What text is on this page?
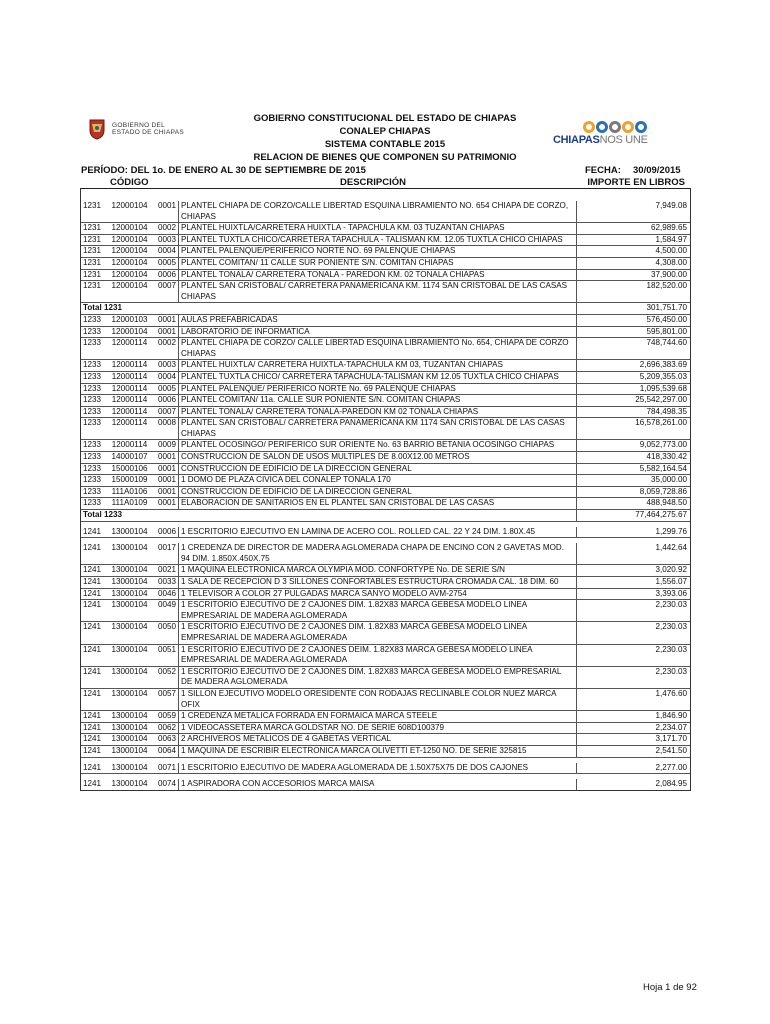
GOBIERNO DEL
ESTADO DE CHIAPAS
CHIAPASNOS UNE
GOBIERNO CONSTITUCIONAL DEL ESTADO DE CHIAPAS
CONALEP CHIAPAS
SISTEMA CONTABLE 2015
RELACION DE BIENES QUE COMPONEN SU PATRIMONIO
PERÍODO: DEL 1o. DE ENERO AL 30 DE SEPTIEMBRE DE 2015	FECHA: 30/09/2015
CÓDIGO	DESCRIPCIÓN	IMPORTE EN LIBROS
1231 12000104 0001 PLANTEL CHIAPA DE CORZO/CALLE LIBERTAD ESQUINA LIBRAMIENTO NO. 654 CHIAPA DE CORZO, CHIAPAS
7,949.08
1231 12000104 0002 PLANTEL HUIXTLA/CARRETERA HUIXTLA - TAPACHULA KM. 03 TUZANTAN CHIAPAS	62,989.65
1231 12000104 0003 PLANTEL TUXTLA CHICO/CARRETERA TAPACHULA - TALISMAN KM. 12.05 TUXTLA CHICO CHIAPAS	1,584.97
1231 12000104 0004 PLANTEL PALENQUE/PERIFERICO NORTE NO. 69 PALENQUE CHIAPAS	4,500.00
1231 12000104 0005 PLANTEL COMITAN/ 11 CALLE SUR PONIENTE S/N. COMITAN CHIAPAS	4,308.00
1231 12000104 0006 PLANTEL TONALA/ CARRETERA TONALA - PAREDON KM. 02 TONALA CHIAPAS	37,900.00
1231 12000104 0007 PLANTEL SAN CRISTOBAL/ CARRETERA PANAMERICANA KM. 1174 SAN CRISTOBAL DE LAS CASAS CHIAPAS
182,520.00
Total 1231	301,751.70
1233 12000103 0001 AULAS PREFABRICADAS	576,450.00
1233 12000104 0001 LABORATORIO DE INFORMATICA	595,801.00
1233 12000114 0002 PLANTEL CHIAPA DE CORZO/ CALLE LIBERTAD ESQUINA LIBRAMIENTO No. 654, CHIAPA DE CORZO CHIAPAS
748,744.60
1233 12000114 0003 PLANTEL HUIXTLA/ CARRETERA HUIXTLA-TAPACHULA KM 03, TUZANTAN CHIAPAS	2,696,383.69
1233 12000114 0004 PLANTEL TUXTLA CHICO/ CARRETERA TAPACHULA-TALISMAN KM 12.05 TUXTLA CHICO CHIAPAS	5,209,355.03
1233 12000114 0005 PLANTEL PALENQUE/ PERIFERICO NORTE No. 69 PALENQUE CHIAPAS	1,095,539.68
1233 12000114 0006 PLANTEL COMITAN/ 11a. CALLE SUR PONIENTE S/N. COMITAN CHIAPAS	25,542,297.00
1233 12000114 0007 PLANTEL TONALA/ CARRETERA TONALA-PAREDON KM 02 TONALA CHIAPAS	784,498.35
1233 12000114 0008 PLANTEL SAN CRISTOBAL/ CARRETERA PANAMERICANA KM 1174 SAN CRISTOBAL DE LAS CASAS CHIAPAS
16,578,261.00
1233 12000114 0009 PLANTEL OCOSINGO/ PERIFERICO SUR ORIENTE No. 63 BARRIO BETANIA OCOSINGO CHIAPAS	9,052,773.00
1233 14000107 0001 CONSTRUCCION DE SALON DE USOS MULTIPLES DE 8.00X12.00 METROS	418,330.42
1233 15000106 0001 CONSTRUCCION DE EDIFICIO DE LA DIRECCION GENERAL	5,582,164.54
1233 15000109 0001 1 DOMO DE PLAZA CIVICA DEL CONALEP TONALA 170	35,000.00
1233 111A0106 0001 CONSTRUCCION DE EDIFICIO DE LA DIRECCION GENERAL	8,059,728.86
1233 111A0109 0001 ELABORACION DE SANITARIOS EN EL PLANTEL SAN CRISTOBAL DE LAS CASAS	488,948.50
Total 1233	77,464,275.67
1241 13000104 0006 1 ESCRITORIO EJECUTIVO EN LAMINA DE ACERO COL. ROLLED CAL. 22 Y 24 DIM. 1.80X.45	1,299.76
1241 13000104 0017 1 CREDENZA DE DIRECTOR DE MADERA AGLOMERADA CHAPA DE ENCINO CON 2 GAVETAS MOD. 94 DIM. 1.850X.450X.75
1,442.64
1241 13000104 0021 1 MAQUINA ELECTRONICA MARCA OLYMPIA MOD. CONFORTYPE No. DE SERIE S/N	3,020.92
1241 13000104 0033 1 SALA DE RECEPCION D 3 SILLONES CONFORTABLES ESTRUCTURA CROMADA CAL. 18 DIM. 60	1,556.07
1241 13000104 0046 1 TELEVISOR A COLOR 27 PULGADAS MARCA SANYO MODELO AVM-2754	3,393.06
1241 13000104 0049 1 ESCRITORIO EJECUTIVO DE 2 CAJONES DIM. 1.82X83 MARCA GEBESA MODELO LINEA EMPRESARIAL DE MADERA AGLOMERADA
2,230.03
1241 13000104 0050 1 ESCRITORIO EJECUTIVO DE 2 CAJONES DIM. 1.82X83 MARCA GEBESA MODELO LINEA EMPRESARIAL DE MADERA AGLOMERADA
2,230.03
1241 13000104 0051 1 ESCRITORIO EJECUTIVO DE 2 CAJONES DEIM. 1.82X83 MARCA GEBESA MODELO LINEA EMPRESARIAL DE MADERA AGLOMERADA
2,230.03
1241 13000104 0052 1 ESCRITORIO EJECUTIVO DE 2 CAJONES DIM. 1.82X83 MARCA GEBESA MODELO EMPRESARIAL DE MADERA AGLOMERADA
2,230.03
1241 13000104 0057 1 SILLON EJECUTIVO MODELO ORESIDENTE CON RODAJAS RECLINABLE COLOR NUEZ MARCA OFIX
1,476.60
1241 13000104 0059 1 CREDENZA METALICA FORRADA EN FORMAICA MARCA STEELE	1,846.90
1241 13000104 0062 1 VIDEOCASSETERA MARCA GOLDSTAR NO. DE SERIE 608D100379	2,234.07
1241 13000104 0063 2 ARCHIVEROS METALICOS DE 4 GABETAS VERTICAL	3,171.70
1241 13000104 0064 1 MAQUINA DE ESCRIBIR ELECTRONICA MARCA OLIVETTI ET-1250 NO. DE SERIE 325815	2,541.50
1241 13000104 0071 1 ESCRITORIO EJECUTIVO DE MADERA AGLOMERADA DE 1.50X75X75 DE DOS CAJONES	2,277.00
1241 13000104 0074 1 ASPIRADORA CON ACCESORIOS MARCA MAISA	2,084.95
Hoja 1 de 92
